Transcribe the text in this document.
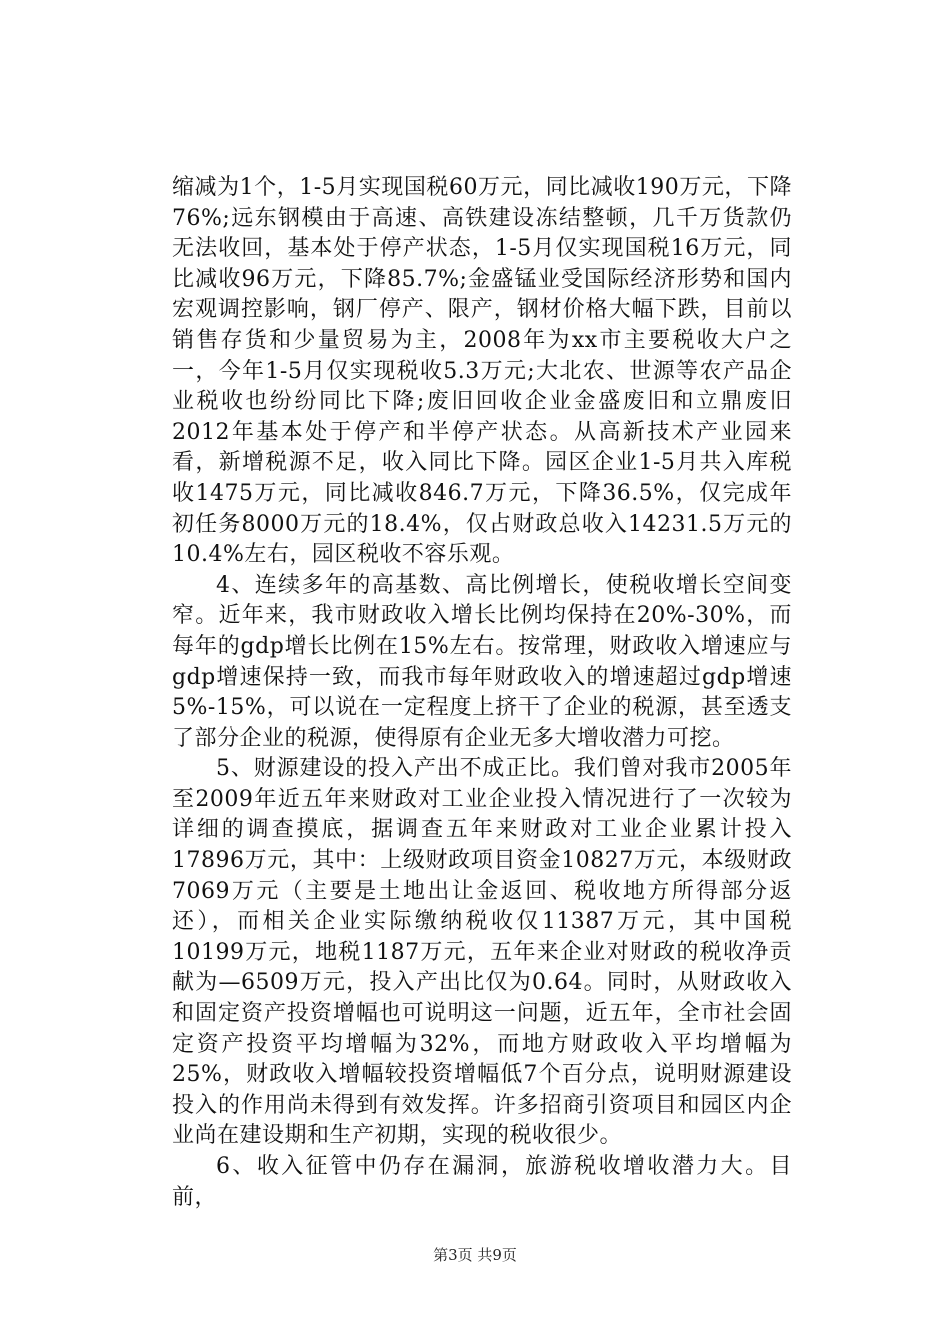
缩减为1个，1-5月实现国税60万元，同比减收190万元，下降76%;远东钢模由于高速、高铁建设冻结整顿，几千万货款仍无法收回，基本处于停产状态，1-5月仅实现国税16万元，同比减收96万元，下降85.7%;金盛锰业受国际经济形势和国内宏观调控影响，钢厂停产、限产，钢材价格大幅下跌，目前以销售存货和少量贸易为主，2008年为xx市主要税收大户之一，今年1-5月仅实现税收5.3万元;大北农、世源等农产品企业税收也纷纷同比下降;废旧回收企业金盛废旧和立鼎废旧2012年基本处于停产和半停产状态。从高新技术产业园来看，新增税源不足，收入同比下降。园区企业1-5月共入库税收1475万元，同比减收846.7万元，下降36.5%，仅完成年初任务8000万元的18.4%，仅占财政总收入14231.5万元的10.4%左右，园区税收不容乐观。

4、连续多年的高基数、高比例增长，使税收增长空间变窄。近年来，我市财政收入增长比例均保持在20%-30%，而每年的gdp增长比例在15%左右。按常理，财政收入增速应与gdp增速保持一致，而我市每年财政收入的增速超过gdp增速5%-15%，可以说在一定程度上挤干了企业的税源，甚至透支了部分企业的税源，使得原有企业无多大增收潜力可挖。

5、财源建设的投入产出不成正比。我们曾对我市2005年至2009年近五年来财政对工业企业投入情况进行了一次较为详细的调查摸底，据调查五年来财政对工业企业累计投入17896万元，其中：上级财政项目资金10827万元，本级财政7069万元（主要是土地出让金返回、税收地方所得部分返还），而相关企业实际缴纳税收仅11387万元，其中国税10199万元，地税1187万元，五年来企业对财政的税收净贡献为—6509万元，投入产出比仅为0.64。同时，从财政收入和固定资产投资增幅也可说明这一问题，近五年，全市社会固定资产投资平均增幅为32%，而地方财政收入平均增幅为25%，财政收入增幅较投资增幅低7个百分点，说明财源建设投入的作用尚未得到有效发挥。许多招商引资项目和园区内企业尚在建设期和生产初期，实现的税收很少。

6、收入征管中仍存在漏洞，旅游税收增收潜力大。目前，

第3页 共9页
